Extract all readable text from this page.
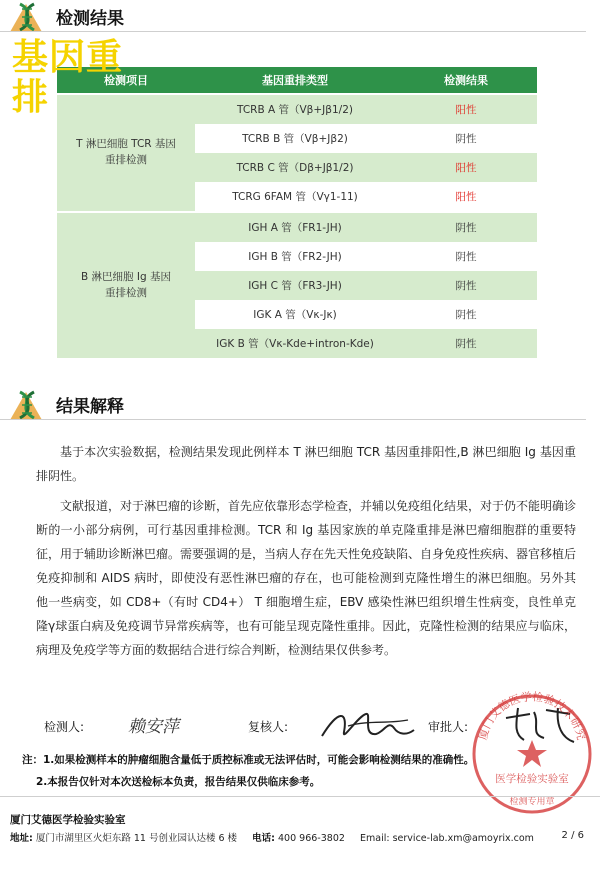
基因重
排
检测结果
检测项目	基因重排类型	检测结果
T 淋巴细胞 TCR 基因
重排检测
TCRB A 管（Vβ+Jβ1/2)	阳性
TCRB B 管（Vβ+Jβ2)	阴性
TCRB C 管（Dβ+Jβ1/2)	阳性
TCRG 6FAM 管（Vγ1-11)	阳性
B 淋巴细胞 Ig 基因
重排检测
IGH A 管（FR1-JH)	阴性
IGH B 管（FR2-JH)	阴性
IGH C 管（FR3-JH)	阴性
IGK A 管（Vκ-Jκ)	阴性
IGK B 管（Vκ-Kde+intron-Kde)	阴性
结果解释

基于本次实验数据，检测结果发现此例样本 T 淋巴细胞 TCR 基因重排阳性,B 淋巴细胞 Ig 基因重排阴性。

文献报道，对于淋巴瘤的诊断，首先应依靠形态学检查，并辅以免疫组化结果，对于仍不能明确诊断的一小部分病例，可行基因重排检测。TCR 和 Ig 基因家族的单克隆重排是淋巴瘤细胞群的重要特征，用于辅助诊断淋巴瘤。需要强调的是，当病人存在先天性免疫缺陷、自身免疫性疾病、器官移植后免疫抑制和 AIDS 病时，即使没有恶性淋巴瘤的存在，也可能检测到克隆性增生的淋巴细胞。另外其他一些病变，如 CD8+（有时 CD4+） T 细胞增生症，EBV 感染性淋巴组织增生性病变，良性单克隆γ球蛋白病及免疫调节异常疾病等，也有可能呈现克隆性重排。因此，克隆性检测的结果应与临床，病理及免疫学等方面的数据结合进行综合判断，检测结果仅供参考。

检测人:	赖安萍	复核人:	审批人:
厦门艾德医学检验技术研究
医学检验实验室
检测专用章
注：1.如果检测样本的肿瘤细胞含量低于质控标准或无法评估时，可能会影响检测结果的准确性。
2.本报告仅针对本次送检标本负责，报告结果仅供临床参考。
厦门艾德医学检验实验室
地址: 厦门市湖里区火炬东路 11 号创业园认达楼 6 楼 电话: 400 966-3802 Email: service-lab.xm@amoyrix.com	2 / 6
